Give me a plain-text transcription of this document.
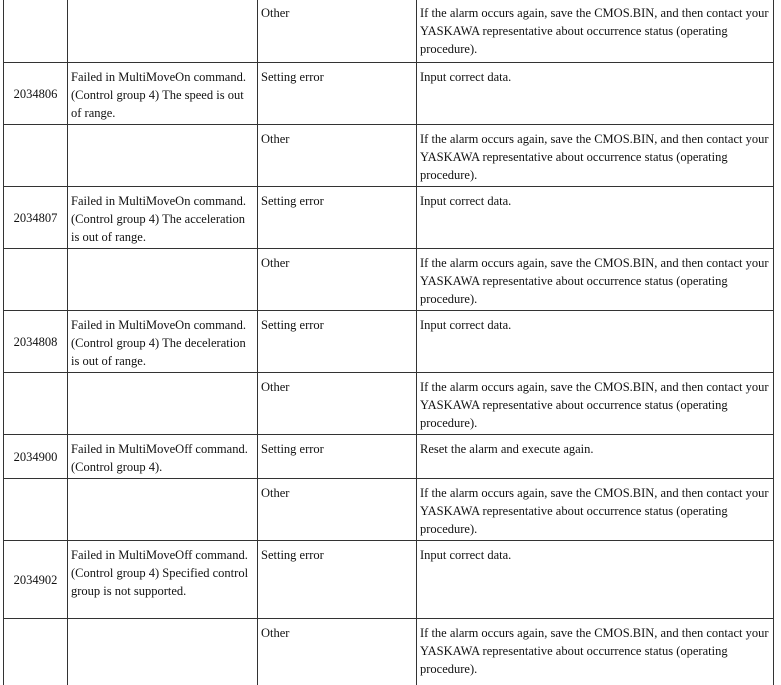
		Other	If the alarm occurs again, save the CMOS.BIN, and then contact your YASKAWA representative about occurrence status (operating procedure).
2034806	Failed in MultiMoveOn command. (Control group 4) The speed is out of range.	Setting error	Input correct data.
		Other	If the alarm occurs again, save the CMOS.BIN, and then contact your YASKAWA representative about occurrence status (operating procedure).
2034807	Failed in MultiMoveOn command. (Control group 4) The acceleration is out of range.	Setting error	Input correct data.
		Other	If the alarm occurs again, save the CMOS.BIN, and then contact your YASKAWA representative about occurrence status (operating procedure).
2034808	Failed in MultiMoveOn command. (Control group 4) The deceleration is out of range.	Setting error	Input correct data.
		Other	If the alarm occurs again, save the CMOS.BIN, and then contact your YASKAWA representative about occurrence status (operating procedure).
2034900	Failed in MultiMoveOff command. (Control group 4).	Setting error	Reset the alarm and execute again.
		Other	If the alarm occurs again, save the CMOS.BIN, and then contact your YASKAWA representative about occurrence status (operating procedure).
2034902	Failed in MultiMoveOff command. (Control group 4) Specified control group is not supported.	Setting error	Input correct data.
		Other	If the alarm occurs again, save the CMOS.BIN, and then contact your YASKAWA representative about occurrence status (operating procedure).
